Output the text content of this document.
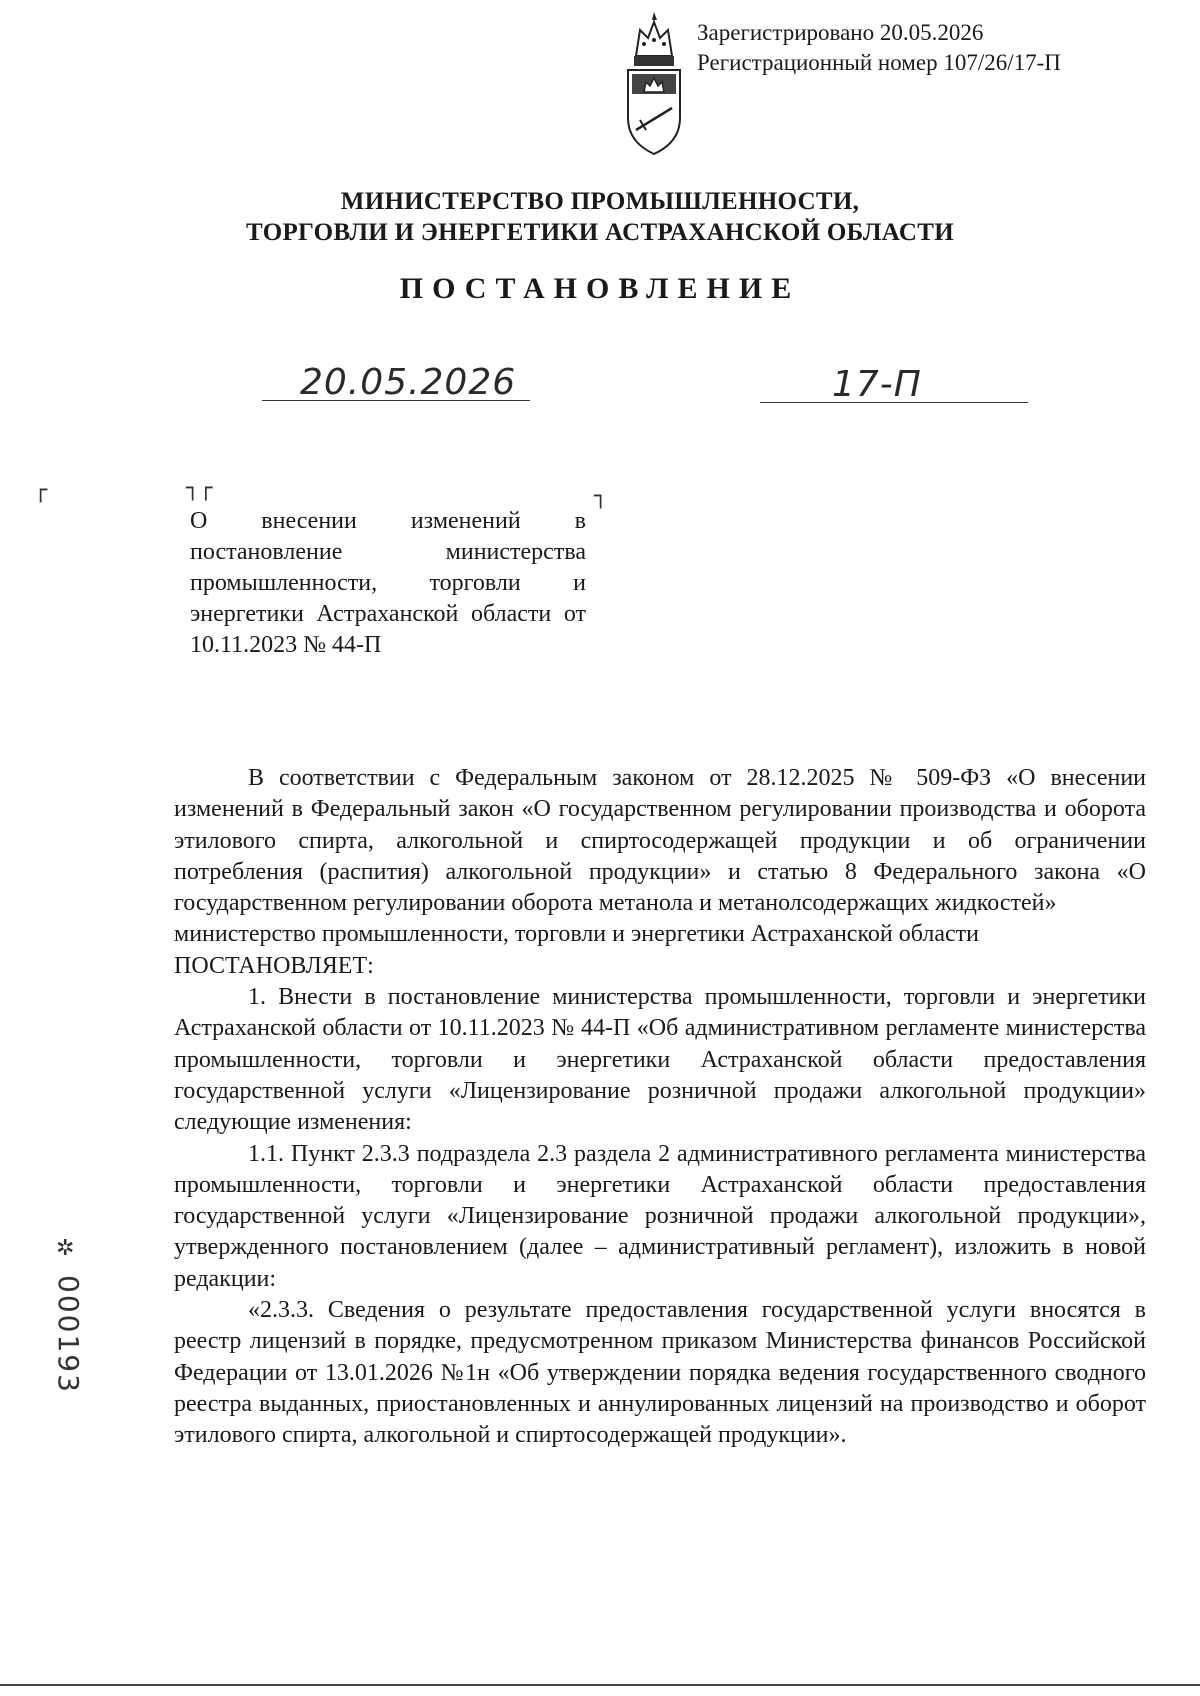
Зарегистрировано 20.05.2026
Регистрационный номер 107/26/17-П
МИНИСТЕРСТВО ПРОМЫШЛЕННОСТИ,
ТОРГОВЛИ И ЭНЕРГЕТИКИ АСТРАХАНСКОЙ ОБЛАСТИ
ПОСТАНОВЛЕНИЕ
20.05.2026	17-П
┌	┐┌	┐
О внесении изменений в постановление министерства промышленности, торговли и энергетики Астраханской области от 10.11.2023 № 44-П

В соответствии с Федеральным законом от 28.12.2025 № 509-ФЗ «О внесении изменений в Федеральный закон «О государственном регулировании производства и оборота этилового спирта, алкогольной и спиртосодержащей продукции и об ограничении потребления (распития) алкогольной продукции» и статью 8 Федерального закона «О государственном регулировании оборота метанола и метанолсодержащих жидкостей»

министерство промышленности, торговли и энергетики Астраханской области

ПОСТАНОВЛЯЕТ:

1. Внести в постановление министерства промышленности, торговли и энергетики Астраханской области от 10.11.2023 № 44-П «Об административном регламенте министерства промышленности, торговли и энергетики Астраханской области предоставления государственной услуги «Лицензирование розничной продажи алкогольной продукции» следующие изменения:

1.1. Пункт 2.3.3 подраздела 2.3 раздела 2 административного регламента министерства промышленности, торговли и энергетики Астраханской области предоставления государственной услуги «Лицензирование розничной продажи алкогольной продукции», утвержденного постановлением (далее – административный регламент), изложить в новой редакции:

«2.3.3. Сведения о результате предоставления государственной услуги вносятся в реестр лицензий в порядке, предусмотренном приказом Министерства финансов Российской Федерации от 13.01.2026 №1н «Об утверждении порядка ведения государственного сводного реестра выданных, приостановленных и аннулированных лицензий на производство и оборот этилового спирта, алкогольной и спиртосодержащей продукции».

✲
000193
